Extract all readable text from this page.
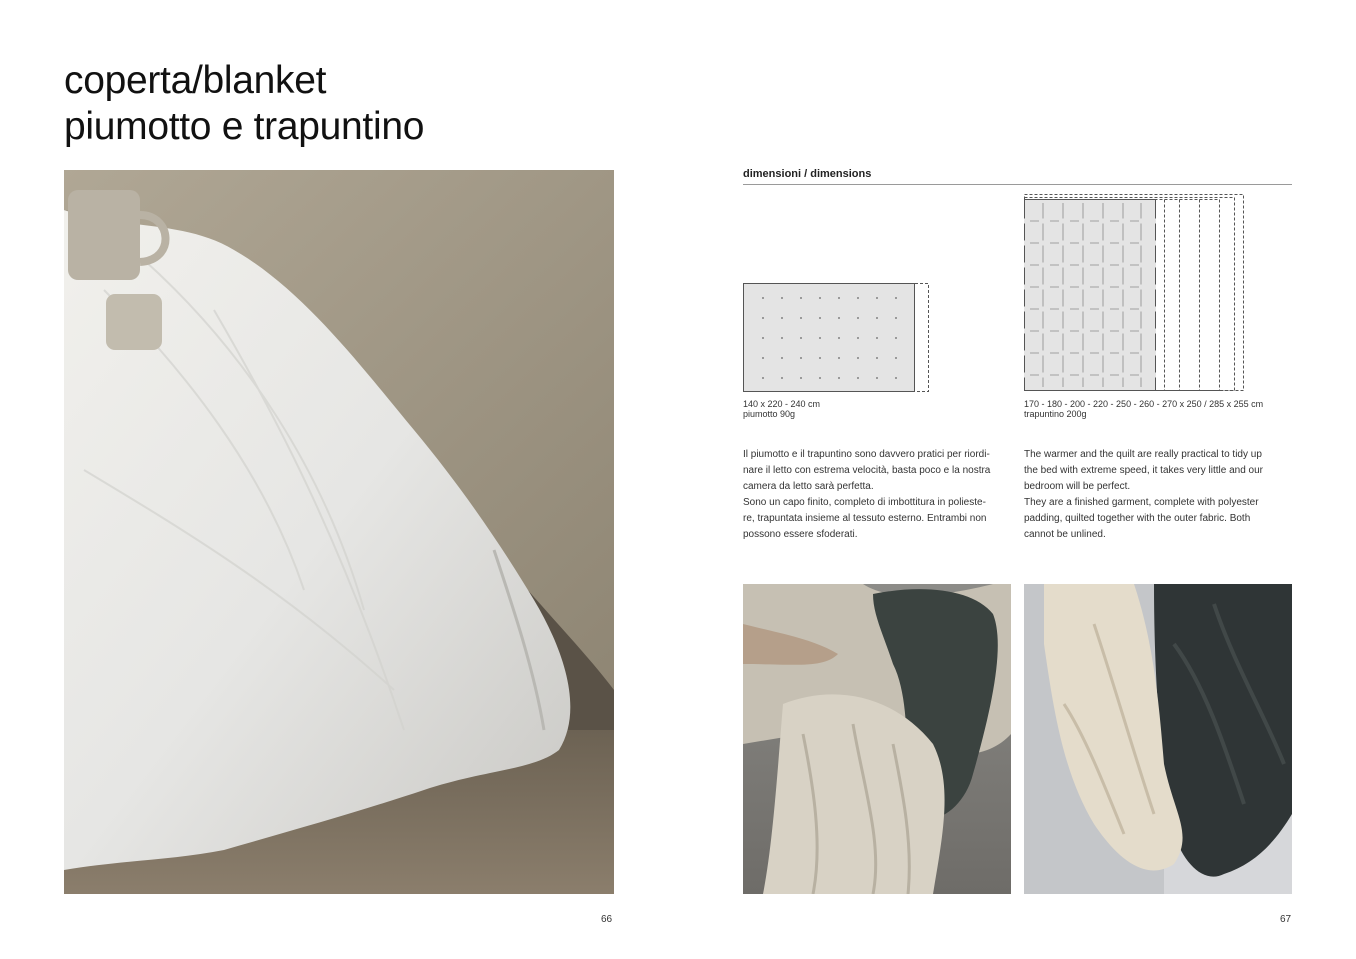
coperta/blanket
piumotto e trapuntino
dimensioni / dimensions
140 x 220 - 240 cm
piumotto 90g
170 - 180 - 200 - 220 - 250 - 260 - 270 x 250 / 285 x 255 cm
trapuntino 200g

Il piumotto e il trapuntino sono davvero pratici per riordi-
nare il letto con estrema velocità, basta poco e la nostra
camera da letto sarà perfetta.
Sono un capo finito, completo di imbottitura in polieste-
re, trapuntata insieme al tessuto esterno. Entrambi non
possono essere sfoderati.

The warmer and the quilt are really practical to tidy up
the bed with extreme speed, it takes very little and our
bedroom will be perfect.
They are a finished garment, complete with polyester
padding, quilted together with the outer fabric. Both
cannot be unlined.

66	67
